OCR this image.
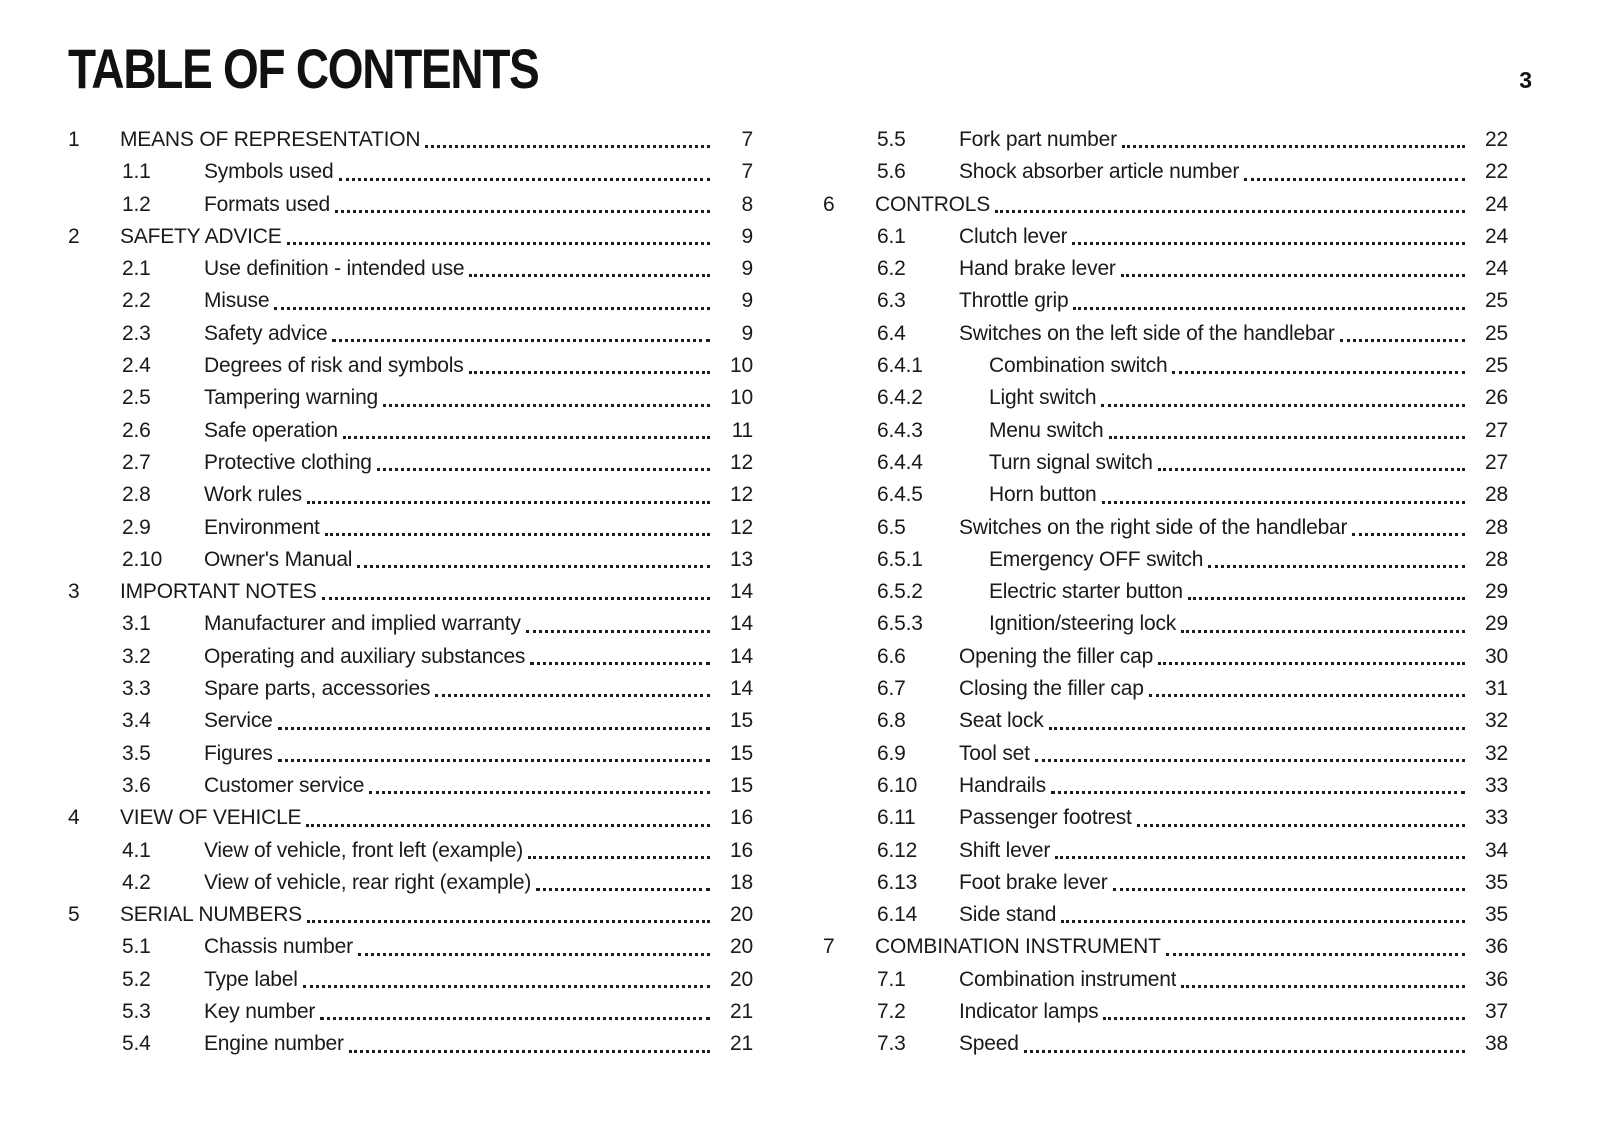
TABLE OF CONTENTS	3
1	MEANS OF REPRESENTATION	7
1.1	Symbols used	7
1.2	Formats used	8
2	SAFETY ADVICE	9
2.1	Use definition - intended use	9
2.2	Misuse	9
2.3	Safety advice	9
2.4	Degrees of risk and symbols	10
2.5	Tampering warning	10
2.6	Safe operation	11
2.7	Protective clothing	12
2.8	Work rules	12
2.9	Environment	12
2.10	Owner's Manual	13
3	IMPORTANT NOTES	14
3.1	Manufacturer and implied warranty	14
3.2	Operating and auxiliary substances	14
3.3	Spare parts, accessories	14
3.4	Service	15
3.5	Figures	15
3.6	Customer service	15
4	VIEW OF VEHICLE	16
4.1	View of vehicle, front left (example)	16
4.2	View of vehicle, rear right (example)	18
5	SERIAL NUMBERS	20
5.1	Chassis number	20
5.2	Type label	20
5.3	Key number	21
5.4	Engine number	21
5.5	Fork part number	22
5.6	Shock absorber article number	22
6	CONTROLS	24
6.1	Clutch lever	24
6.2	Hand brake lever	24
6.3	Throttle grip	25
6.4	Switches on the left side of the handlebar	25
6.4.1	Combination switch	25
6.4.2	Light switch	26
6.4.3	Menu switch	27
6.4.4	Turn signal switch	27
6.4.5	Horn button	28
6.5	Switches on the right side of the handlebar	28
6.5.1	Emergency OFF switch	28
6.5.2	Electric starter button	29
6.5.3	Ignition/steering lock	29
6.6	Opening the filler cap	30
6.7	Closing the filler cap	31
6.8	Seat lock	32
6.9	Tool set	32
6.10	Handrails	33
6.11	Passenger footrest	33
6.12	Shift lever	34
6.13	Foot brake lever	35
6.14	Side stand	35
7	COMBINATION INSTRUMENT	36
7.1	Combination instrument	36
7.2	Indicator lamps	37
7.3	Speed	38
